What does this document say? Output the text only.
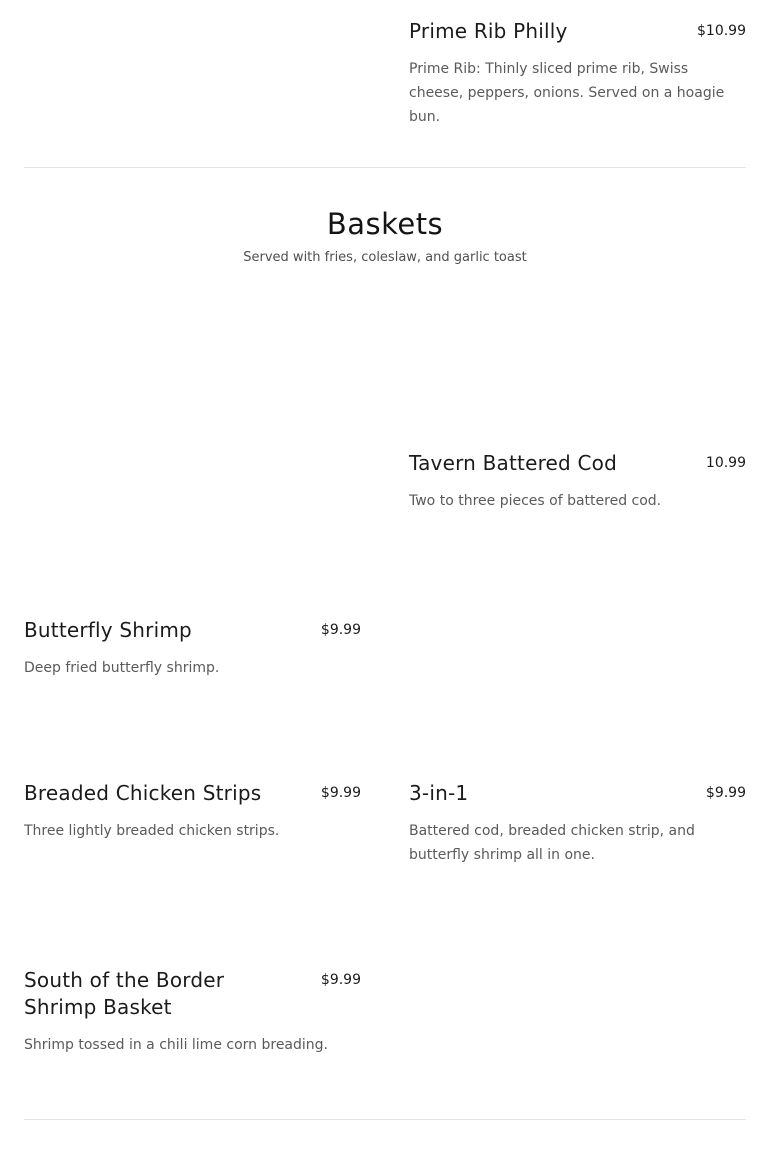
Prime Rib Philly	$10.99

Prime Rib: Thinly sliced prime rib, Swiss cheese, peppers, onions. Served on a hoagie bun.

Baskets

Served with fries, coleslaw, and garlic toast

Tavern Battered Cod	10.99

Two to three pieces of battered cod.

Butterfly Shrimp	$9.99

Deep fried butterfly shrimp.

Breaded Chicken Strips	$9.99

Three lightly breaded chicken strips.

3-in-1	$9.99

Battered cod, breaded chicken strip, and butterfly shrimp all in one.

South of the Border Shrimp Basket
$9.99

Shrimp tossed in a chili lime corn breading.
